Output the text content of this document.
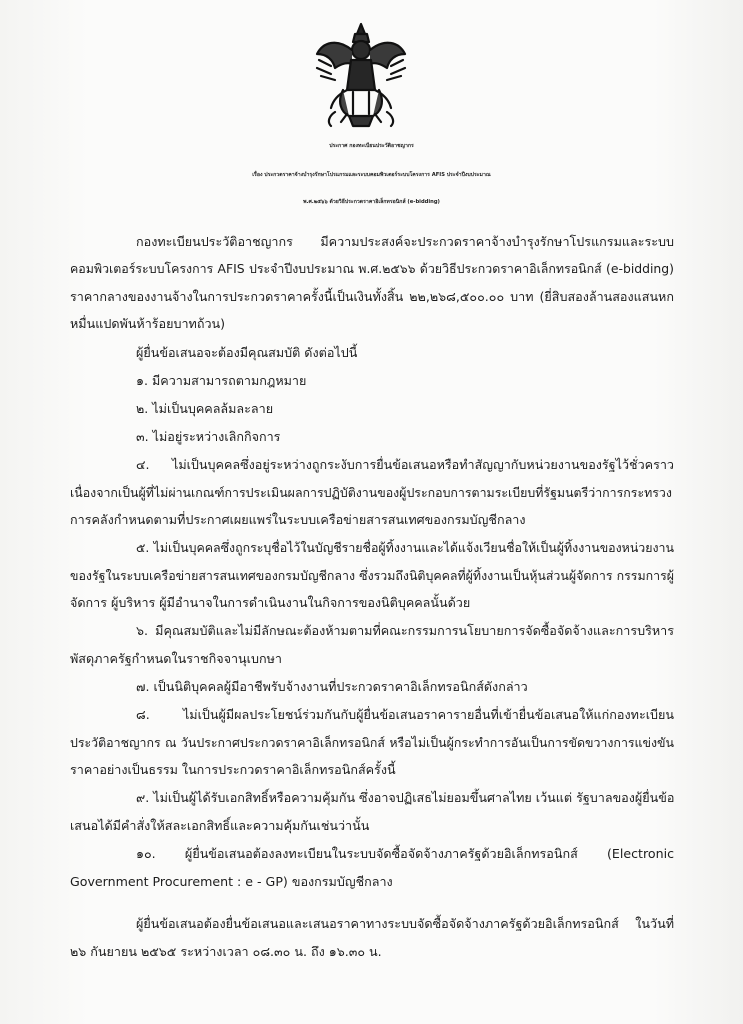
ประกาศ กองทะเบียนประวัติอาชญากร
เรื่อง ประกวดราคาจ้างบำรุงรักษาโปรแกรมและระบบคอมพิวเตอร์ระบบโครงการ AFIS ประจำปีงบประมาณ
พ.ศ.๒๕๖๖ ด้วยวิธีประกวดราคาอิเล็กทรอนิกส์ (e-bidding)
กองทะเบียนประวัติอาชญากร มีความประสงค์จะประกวดราคาจ้างบำรุงรักษาโปรแกรมและระบบ
คอมพิวเตอร์ระบบโครงการ AFIS ประจำปีงบประมาณ พ.ศ.๒๕๖๖ ด้วยวิธีประกวดราคาอิเล็กทรอนิกส์ (e-bidding)
ราคากลางของงานจ้างในการประกวดราคาครั้งนี้เป็นเงินทั้งสิ้น ๒๒,๒๖๘,๕๐๐.๐๐ บาท (ยี่สิบสองล้านสองแสนหก
หมื่นแปดพันห้าร้อยบาทถ้วน)
ผู้ยื่นข้อเสนอจะต้องมีคุณสมบัติ ดังต่อไปนี้
๑. มีความสามารถตามกฎหมาย
๒. ไม่เป็นบุคคลล้มละลาย
๓. ไม่อยู่ระหว่างเลิกกิจการ
๔. ไม่เป็นบุคคลซึ่งอยู่ระหว่างถูกระงับการยื่นข้อเสนอหรือทำสัญญากับหน่วยงานของรัฐไว้ชั่วคราว
เนื่องจากเป็นผู้ที่ไม่ผ่านเกณฑ์การประเมินผลการปฏิบัติงานของผู้ประกอบการตามระเบียบที่รัฐมนตรีว่าการกระทรวง
การคลังกำหนดตามที่ประกาศเผยแพร่ในระบบเครือข่ายสารสนเทศของกรมบัญชีกลาง
๕. ไม่เป็นบุคคลซึ่งถูกระบุชื่อไว้ในบัญชีรายชื่อผู้ทิ้งงานและได้แจ้งเวียนชื่อให้เป็นผู้ทิ้งงานของหน่วยงาน
ของรัฐในระบบเครือข่ายสารสนเทศของกรมบัญชีกลาง ซึ่งรวมถึงนิติบุคคลที่ผู้ทิ้งงานเป็นหุ้นส่วนผู้จัดการ กรรมการผู้
จัดการ ผู้บริหาร ผู้มีอำนาจในการดำเนินงานในกิจการของนิติบุคคลนั้นด้วย
๖. มีคุณสมบัติและไม่มีลักษณะต้องห้ามตามที่คณะกรรมการนโยบายการจัดซื้อจัดจ้างและการบริหาร
พัสดุภาครัฐกำหนดในราชกิจจานุเบกษา
๗. เป็นนิติบุคคลผู้มีอาชีพรับจ้างงานที่ประกวดราคาอิเล็กทรอนิกส์ดังกล่าว
๘. ไม่เป็นผู้มีผลประโยชน์ร่วมกันกับผู้ยื่นข้อเสนอราคารายอื่นที่เข้ายื่นข้อเสนอให้แก่กองทะเบียน
ประวัติอาชญากร ณ วันประกาศประกวดราคาอิเล็กทรอนิกส์ หรือไม่เป็นผู้กระทำการอันเป็นการขัดขวางการแข่งขัน
ราคาอย่างเป็นธรรม ในการประกวดราคาอิเล็กทรอนิกส์ครั้งนี้
๙. ไม่เป็นผู้ได้รับเอกสิทธิ์หรือความคุ้มกัน ซึ่งอาจปฏิเสธไม่ยอมขึ้นศาลไทย เว้นแต่ รัฐบาลของผู้ยื่นข้อ
เสนอได้มีคำสั่งให้สละเอกสิทธิ์และความคุ้มกันเช่นว่านั้น
๑๐. ผู้ยื่นข้อเสนอต้องลงทะเบียนในระบบจัดซื้อจัดจ้างภาครัฐด้วยอิเล็กทรอนิกส์ (Electronic
Government Procurement : e - GP) ของกรมบัญชีกลาง
ผู้ยื่นข้อเสนอต้องยื่นข้อเสนอและเสนอราคาทางระบบจัดซื้อจัดจ้างภาครัฐด้วยอิเล็กทรอนิกส์ ในวันที่
๒๖ กันยายน ๒๕๖๕ ระหว่างเวลา ๐๘.๓๐ น. ถึง ๑๖.๓๐ น.
